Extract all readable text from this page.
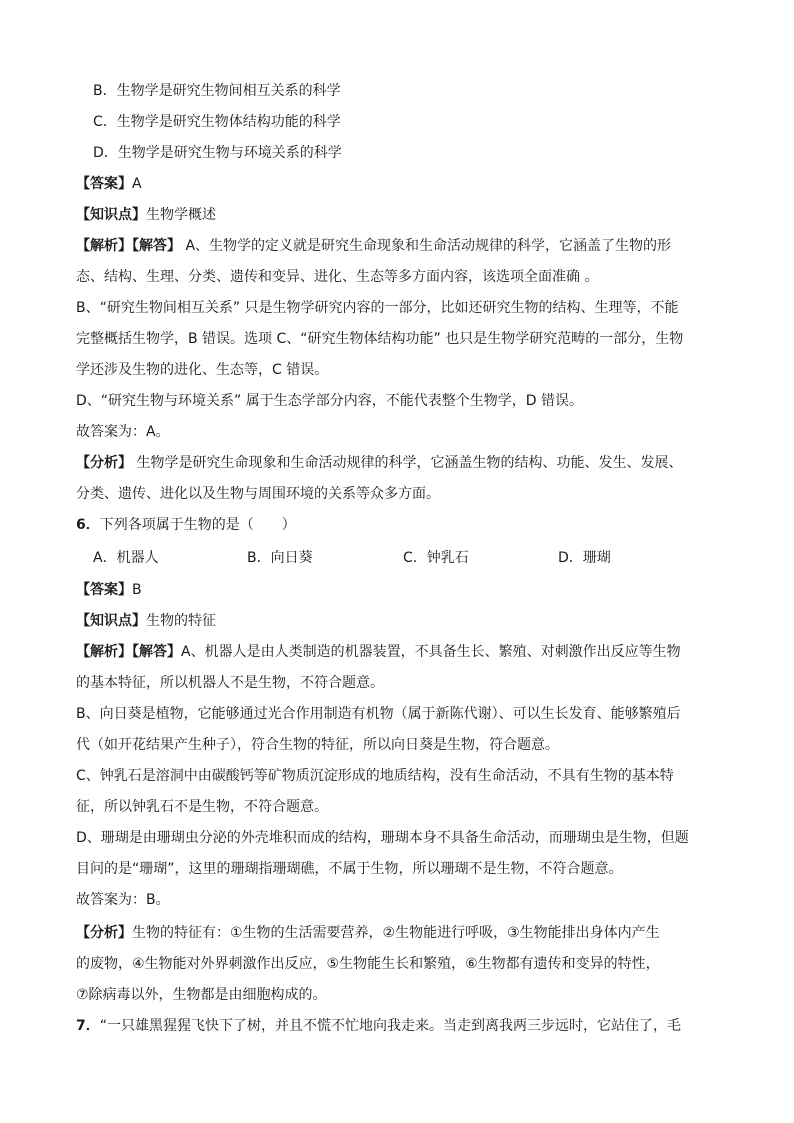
B．生物学是研究生物间相互关系的科学
C．生物学是研究生物体结构功能的科学
D．生物学是研究生物与环境关系的科学
【答案】A
【知识点】生物学概述
【解析】【解答】 A、生物学的定义就是研究生命现象和生命活动规律的科学，它涵盖了生物的形
态、结构、生理、分类、遗传和变异、进化、生态等多方面内容，该选项全面准确 。
B、“研究生物间相互关系” 只是生物学研究内容的一部分，比如还研究生物的结构、生理等，不能
完整概括生物学，B 错误。选项 C、“研究生物体结构功能” 也只是生物学研究范畴的一部分，生物
学还涉及生物的进化、生态等，C 错误。
D、“研究生物与环境关系” 属于生态学部分内容，不能代表整个生物学，D 错误。
故答案为：A。
【分析】 生物学是研究生命现象和生命活动规律的科学，它涵盖生物的结构、功能、发生、发展、
分类、遗传、进化以及生物与周围环境的关系等众多方面。
6．下列各项属于生物的是（　　）
A．机器人	B．向日葵	C．钟乳石	D．珊瑚
【答案】B
【知识点】生物的特征
【解析】【解答】A、机器人是由人类制造的机器装置，不具备生长、繁殖、对刺激作出反应等生物
的基本特征，所以机器人不是生物，不符合题意。
B、向日葵是植物，它能够通过光合作用制造有机物（属于新陈代谢）、可以生长发育、能够繁殖后
代（如开花结果产生种子），符合生物的特征，所以向日葵是生物，符合题意。
C、钟乳石是溶洞中由碳酸钙等矿物质沉淀形成的地质结构，没有生命活动，不具有生物的基本特
征，所以钟乳石不是生物，不符合题意。
D、珊瑚是由珊瑚虫分泌的外壳堆积而成的结构，珊瑚本身不具备生命活动，而珊瑚虫是生物，但题
目问的是“珊瑚”，这里的珊瑚指珊瑚礁，不属于生物，所以珊瑚不是生物，不符合题意。
故答案为：B。
【分析】生物的特征有：①生物的生活需要营养，②生物能进行呼吸，③生物能排出身体内产生
的废物，④生物能对外界刺激作出反应，⑤生物能生长和繁殖，⑥生物都有遗传和变异的特性，
⑦除病毒以外，生物都是由细胞构成的。
7．“一只雄黑猩猩飞快下了树，并且不慌不忙地向我走来。当走到离我两三步远时，它站住了，毛
